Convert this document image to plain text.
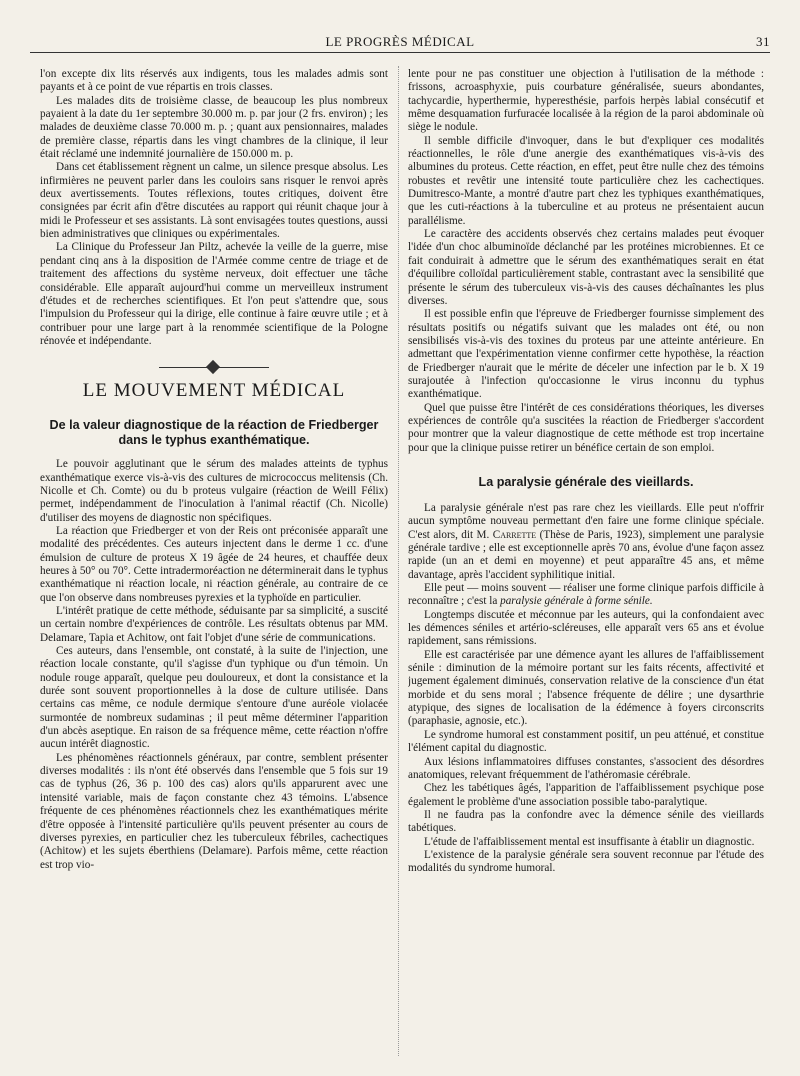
LE PROGRÈS MÉDICAL	31

l'on excepte dix lits réservés aux indigents, tous les malades admis sont payants et à ce point de vue répartis en trois classes.

Les malades dits de troisième classe, de beaucoup les plus nombreux payaient à la date du 1er septembre 30.000 m. p. par jour (2 frs. environ) ; les malades de deuxième classe 70.000 m. p. ; quant aux pensionnaires, malades de première classe, répartis dans les vingt chambres de la clinique, il leur était réclamé une indemnité journalière de 150.000 m. p.

Dans cet établissement règnent un calme, un silence presque absolus. Les infirmières ne peuvent parler dans les couloirs sans risquer le renvoi après deux avertissements. Toutes réflexions, toutes critiques, doivent être consignées par écrit afin d'être discutées au rapport qui réunit chaque jour à midi le Professeur et ses assistants. Là sont envisagées toutes questions, aussi bien administratives que cliniques ou expérimentales.

La Clinique du Professeur Jan Piltz, achevée la veille de la guerre, mise pendant cinq ans à la disposition de l'Armée comme centre de triage et de traitement des affections du système nerveux, doit effectuer une tâche considérable. Elle apparaît aujourd'hui comme un merveilleux instrument d'études et de recherches scientifiques. Et l'on peut s'attendre que, sous l'impulsion du Professeur qui la dirige, elle continue à faire œuvre utile ; et à contribuer pour une large part à la renommée scientifique de la Pologne rénovée et indépendante.

LE MOUVEMENT MÉDICAL
De la valeur diagnostique de la réaction de Friedberger dans le typhus exanthématique.

Le pouvoir agglutinant que le sérum des malades atteints de typhus exanthématique exerce vis-à-vis des cultures de micrococcus melitensis (Ch. Nicolle et Ch. Comte) ou du b proteus vulgaire (réaction de Weill Félix) permet, indépendamment de l'inoculation à l'animal réactif (Ch. Nicolle) d'utiliser des moyens de diagnostic non spécifiques.

La réaction que Friedberger et von der Reis ont préconisée apparaît une modalité des précédentes. Ces auteurs injectent dans le derme 1 cc. d'une émulsion de culture de proteus X 19 âgée de 24 heures, et chauffée deux heures à 50° ou 70°. Cette intradermoréaction ne déterminerait dans le typhus exanthématique ni réaction locale, ni réaction générale, au contraire de ce que l'on observe dans nombreuses pyrexies et la typhoïde en particulier.

L'intérêt pratique de cette méthode, séduisante par sa simplicité, a suscité un certain nombre d'expériences de contrôle. Les résultats obtenus par MM. Delamare, Tapia et Achitow, ont fait l'objet d'une série de communications.

Ces auteurs, dans l'ensemble, ont constaté, à la suite de l'injection, une réaction locale constante, qu'il s'agisse d'un typhique ou d'un témoin. Un nodule rouge apparaît, quelque peu douloureux, et dont la consistance et la durée sont souvent proportionnelles à la dose de culture utilisée. Dans certains cas même, ce nodule dermique s'entoure d'une auréole violacée surmontée de nombreux sudaminas ; il peut même déterminer l'apparition d'un abcès aseptique. En raison de sa fréquence même, cette réaction n'offre aucun intérêt diagnostic.

Les phénomènes réactionnels généraux, par contre, semblent présenter diverses modalités : ils n'ont été observés dans l'ensemble que 5 fois sur 19 cas de typhus (26, 36 p. 100 des cas) alors qu'ils apparurent avec une intensité variable, mais de façon constante chez 43 témoins. L'absence fréquente de ces phénomènes réactionnels chez les exanthématiques mérite d'être opposée à l'intensité particulière qu'ils peuvent présenter au cours de diverses pyrexies, en particulier chez les tuberculeux fébriles, cachectiques (Achitow) et les sujets éberthiens (Delamare). Parfois même, cette réaction est trop vio-

lente pour ne pas constituer une objection à l'utilisation de la méthode : frissons, acroasphyxie, puis courbature généralisée, sueurs abondantes, tachycardie, hyperthermie, hyperesthésie, parfois herpès labial consécutif et même desquamation furfuracée localisée à la région de la paroi abdominale où siège le nodule.

Il semble difficile d'invoquer, dans le but d'expliquer ces modalités réactionnelles, le rôle d'une anergie des exanthématiques vis-à-vis des albumines du proteus. Cette réaction, en effet, peut être nulle chez des témoins robustes et revêtir une intensité toute particulière chez les cachectiques. Dumitresco-Mante, a montré d'autre part chez les typhiques exanthématiques, que les cuti-réactions à la tuberculine et au proteus ne présentaient aucun parallélisme.

Le caractère des accidents observés chez certains malades peut évoquer l'idée d'un choc albuminoïde déclanché par les protéines microbiennes. Et ce fait conduirait à admettre que le sérum des exanthématiques serait en état d'équilibre colloïdal particulièrement stable, contrastant avec la sensibilité que présente le sérum des tuberculeux vis-à-vis des causes déchaînantes les plus diverses.

Il est possible enfin que l'épreuve de Friedberger fournisse simplement des résultats positifs ou négatifs suivant que les malades ont été, ou non sensibilisés vis-à-vis des toxines du proteus par une atteinte antérieure. En admettant que l'expérimentation vienne confirmer cette hypothèse, la réaction de Friedberger n'aurait que le mérite de déceler une infection par le b. X 19 surajoutée à l'infection qu'occasionne le virus inconnu du typhus exanthématique.

Quel que puisse être l'intérêt de ces considérations théoriques, les diverses expériences de contrôle qu'a suscitées la réaction de Friedberger s'accordent pour montrer que la valeur diagnostique de cette méthode est trop incertaine pour que la clinique puisse retirer un bénéfice certain de son emploi.

La paralysie générale des vieillards.

La paralysie générale n'est pas rare chez les vieillards. Elle peut n'offrir aucun symptôme nouveau permettant d'en faire une forme clinique spéciale. C'est alors, dit M. Carrette (Thèse de Paris, 1923), simplement une paralysie générale tardive ; elle est exceptionnelle après 70 ans, évolue d'une façon assez rapide (un an et demi en moyenne) et peut apparaître 45 ans, et même davantage, après l'accident syphilitique initial.

Elle peut — moins souvent — réaliser une forme clinique parfois difficile à reconnaître ; c'est la paralysie générale à forme sénile.

Longtemps discutée et méconnue par les auteurs, qui la confondaient avec les démences séniles et artério-scléreuses, elle apparaît vers 65 ans et évolue rapidement, sans rémissions.

Elle est caractérisée par une démence ayant les allures de l'affaiblissement sénile : diminution de la mémoire portant sur les faits récents, affectivité et jugement également diminués, conservation relative de la conscience d'un état morbide et du sens moral ; l'absence fréquente de délire ; une dysarthrie atypique, des signes de localisation de la édémence à foyers circonscrits (paraphasie, agnosie, etc.).

Le syndrome humoral est constamment positif, un peu atténué, et constitue l'élément capital du diagnostic.

Aux lésions inflammatoires diffuses constantes, s'associent des désordres anatomiques, relevant fréquemment de l'athéromasie cérébrale.

Chez les tabétiques âgés, l'apparition de l'affaiblissement psychique pose également le problème d'une association possible tabo-paralytique.

Il ne faudra pas la confondre avec la démence sénile des vieillards tabétiques.

L'étude de l'affaiblissement mental est insuffisante à établir un diagnostic.

L'existence de la paralysie générale sera souvent reconnue par l'étude des modalités du syndrome humoral.
